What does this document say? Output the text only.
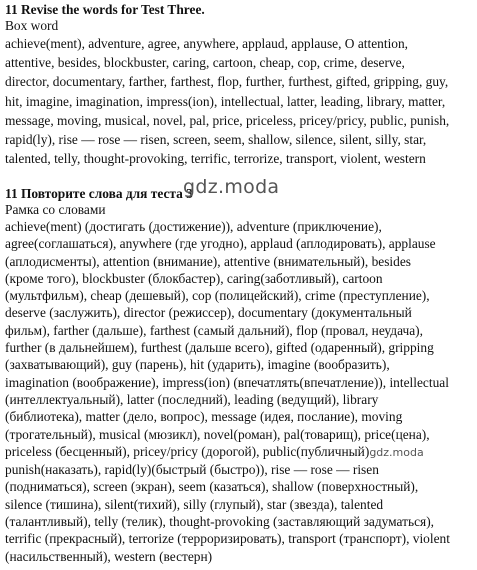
11 Revise the words for Test Three.

Box word

achieve(ment), adventure, agree, anywhere, applaud, applause, O attention,

attentive, besides, blockbuster, caring, cartoon, cheap, cop, crime, deserve,

director, documentary, farther, farthest, flop, further, furthest, gifted, gripping, guy,

hit, imagine, imagination, impress(ion), intellectual, latter, leading, library, matter,

message, moving, musical, novel, pal, price, priceless, pricey/pricy, public, punish,

rapid(ly), rise — rose — risen, screen, seem, shallow, silence, silent, silly, star,

talented, telly, thought-provoking, terrific, terrorize, transport, violent, western

11 Повторите слова для теста 3

Рамка со словами

achieve(ment) (достигать (достижение)), adventure (приключение),

agree(соглашаться), anywhere (где угодно), applaud (аплодировать), applause

(аплодисменты), attention (внимание), attentive (внимательный), besides

(кроме того), blockbuster (блокбастер), caring(заботливый), cartoon

(мультфильм), cheap (дешевый), cop (полицейский), crime (преступление),

deserve (заслужить), director (режиссер), documentary (документальный

фильм), farther (дальше), farthest (самый дальний), flop (провал, неудача),

further (в дальнейшем), furthest (дальше всего), gifted (одаренный), gripping

(захватывающий), guy (парень), hit (ударить), imagine (вообразить),

imagination (воображение), impress(ion) (впечатлять(впечатление)), intellectual

(интеллектуальный), latter (последний), leading (ведущий), library

(библиотека), matter (дело, вопрос), message (идея, послание), moving

(трогательный), musical (мюзикл), novel(роман), pal(товарищ), price(цена),

priceless (бесценный), pricey/pricy (дорогой), public(публичный)gdz.moda

punish(наказать), rapid(ly)(быстрый (быстро)), rise — rose — risen

(подниматься), screen (экран), seem (казаться), shallow (поверхностный),

silence (тишина), silent(тихий), silly (глупый), star (звезда), talented

(талантливый), telly (телик), thought-provoking (заставляющий задуматься),

terrific (прекрасный), terrorize (терроризировать), transport (транспорт), violent

(насильственный), western (вестерн)

gdz.moda
